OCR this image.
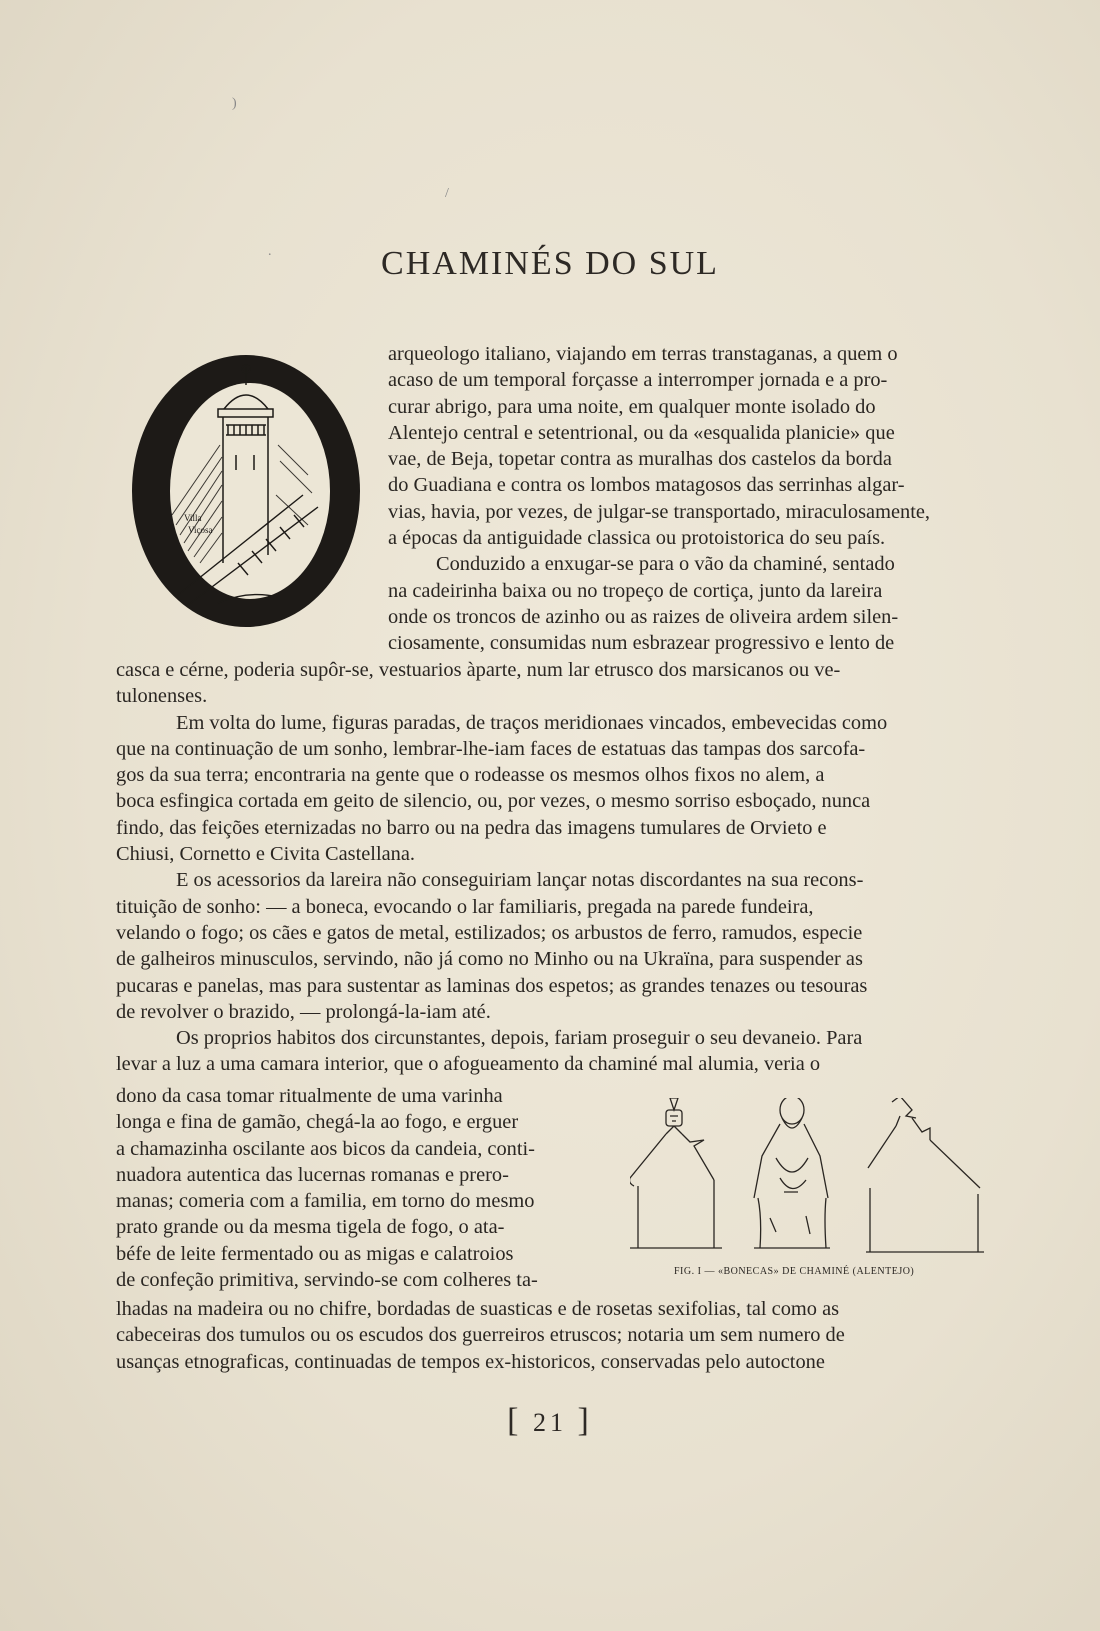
)
/
.	CHAMINÉS DO SUL
Villa
Viçosa
arqueologo italiano, viajando em terras transtaganas, a quem o
acaso de um temporal forçasse a interromper jornada e a pro-
curar abrigo, para uma noite, em qualquer monte isolado do
Alentejo central e setentrional, ou da «esqualida planicie» que
vae, de Beja, topetar contra as muralhas dos castelos da borda
do Guadiana e contra os lombos matagosos das serrinhas algar-
vias, havia, por vezes, de julgar-se transportado, miraculosamente,
a épocas da antiguidade classica ou protoistorica do seu país.
Conduzido a enxugar-se para o vão da chaminé, sentado
na cadeirinha baixa ou no tropeço de cortiça, junto da lareira
onde os troncos de azinho ou as raizes de oliveira ardem silen-
ciosamente, consumidas num esbrazear progressivo e lento de
casca e cérne, poderia supôr-se, vestuarios àparte, num lar etrusco dos marsicanos ou ve-
tulonenses.
Em volta do lume, figuras paradas, de traços meridionaes vincados, embevecidas como
que na continuação de um sonho, lembrar-lhe-iam faces de estatuas das tampas dos sarcofa-
gos da sua terra; encontraria na gente que o rodeasse os mesmos olhos fixos no alem, a
boca esfingica cortada em geito de silencio, ou, por vezes, o mesmo sorriso esboçado, nunca
findo, das feições eternizadas no barro ou na pedra das imagens tumulares de Orvieto e
Chiusi, Cornetto e Civita Castellana.
E os acessorios da lareira não conseguiriam lançar notas discordantes na sua recons-
tituição de sonho: — a boneca, evocando o lar familiaris, pregada na parede fundeira,
velando o fogo; os cães e gatos de metal, estilizados; os arbustos de ferro, ramudos, especie
de galheiros minusculos, servindo, não já como no Minho ou na Ukraïna, para suspender as
pucaras e panelas, mas para sustentar as laminas dos espetos; as grandes tenazes ou tesouras
de revolver o brazido, — prolongá-la-iam até.
Os proprios habitos dos circunstantes, depois, fariam proseguir o seu devaneio. Para
levar a luz a uma camara interior, que o afogueamento da chaminé mal alumia, veria o
dono da casa tomar ritualmente de uma varinha
longa e fina de gamão, chegá-la ao fogo, e erguer
a chamazinha oscilante aos bicos da candeia, conti-
nuadora autentica das lucernas romanas e prero-
manas; comeria com a familia, em torno do mesmo
prato grande ou da mesma tigela de fogo, o ata-
béfe de leite fermentado ou as migas e calatroios
de confeção primitiva, servindo-se com colheres ta-	FIG. I — «BONECAS» DE CHAMINÉ (ALENTEJO)
lhadas na madeira ou no chifre, bordadas de suasticas e de rosetas sexifolias, tal como as
cabeceiras dos tumulos ou os escudos dos guerreiros etruscos; notaria um sem numero de
usanças etnograficas, continuadas de tempos ex-historicos, conservadas pelo autoctone
[ 21 ]
